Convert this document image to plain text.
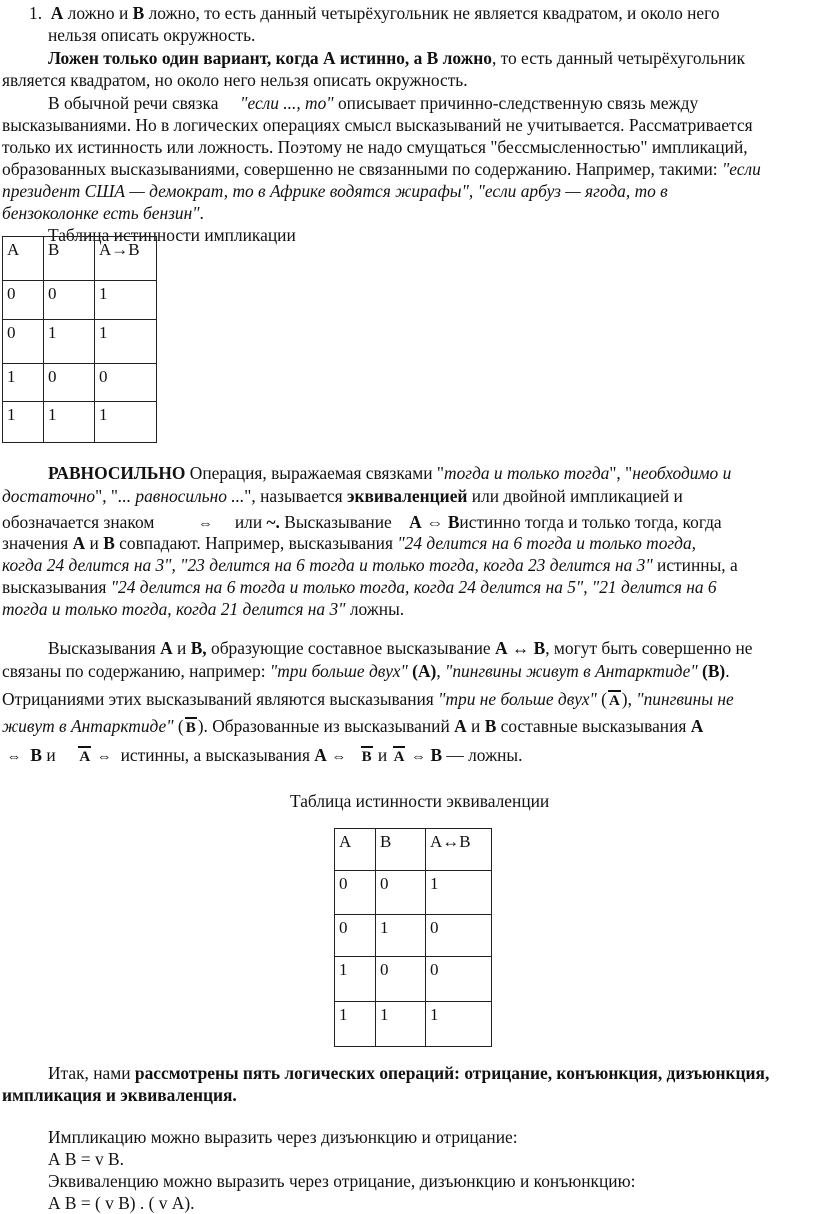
1. А ложно и В ложно, то есть данный четырёхугольник не является квадратом, и около него
нельзя описать окружность.
Ложен только один вариант, когда А истинно, а В ложно, то есть данный четырёхугольник
является квадратом, но около него нельзя описать окружность.
В обычной речи связка     "если ..., то" описывает причинно-следственную связь между
высказываниями. Но в логических операциях смысл высказываний не учитывается. Рассматривается
только их истинность или ложность. Поэтому не надо смущаться "бессмысленностью" импликаций,
образованных высказываниями, совершенно не связанными по содержанию. Например, такими: "если
президент США — демократ, то в Африке водятся жирафы", "если арбуз — ягода, то в
бензоколонке есть бензин".
Таблица истинности импликации
А	В	А→В
0	0	1
0	1	1
1	0	0
1	1	1
РАВНОСИЛЬНО Операция, выражаемая связками "тогда и только тогда", "необходимо и
достаточно", "... равносильно ...", называется эквиваленцией или двойной импликацией и
обозначается знаком	⇔    или ~. Высказывание    А ⇔ Вистинно тогда и только тогда, когда
значения А и В совпадают. Например, высказывания "24 делится на 6 тогда и только тогда,
когда 24 делится на 3", "23 делится на 6 тогда и только тогда, когда 23 делится на 3" истинны, а
высказывания "24 делится на 6 тогда и только тогда, когда 24 делится на 5", "21 делится на 6
тогда и только тогда, когда 21 делится на 3" ложны.
Высказывания А и В, образующие составное высказывание А ↔ В, могут быть совершенно не
связаны по содержанию, например: "три больше двух" (А), "пингвины живут в Антарктиде" (В).
Отрицаниями этих высказываний являются высказывания "три не больше двух" ( А ), "пингвины не
живут в Антарктиде" ( В ). Образованные из высказываний А и В составные высказывания А
⇔ В и     А ⇔ истинны, а высказывания А ⇔ В и А ⇔ В — ложны.
Таблица истинности эквиваленции
А	В	А↔В
0	0	1
0	1	0
1	0	0
1	1	1
Итак, нами рассмотрены пять логических операций: отрицание, конъюнкция, дизъюнкция,
импликация и эквиваленция.
Импликацию можно выразить через дизъюнкцию и отрицание:
А В = v В.
Эквиваленцию можно выразить через отрицание, дизъюнкцию и конъюнкцию:
А В = ( v В) . ( v А).
